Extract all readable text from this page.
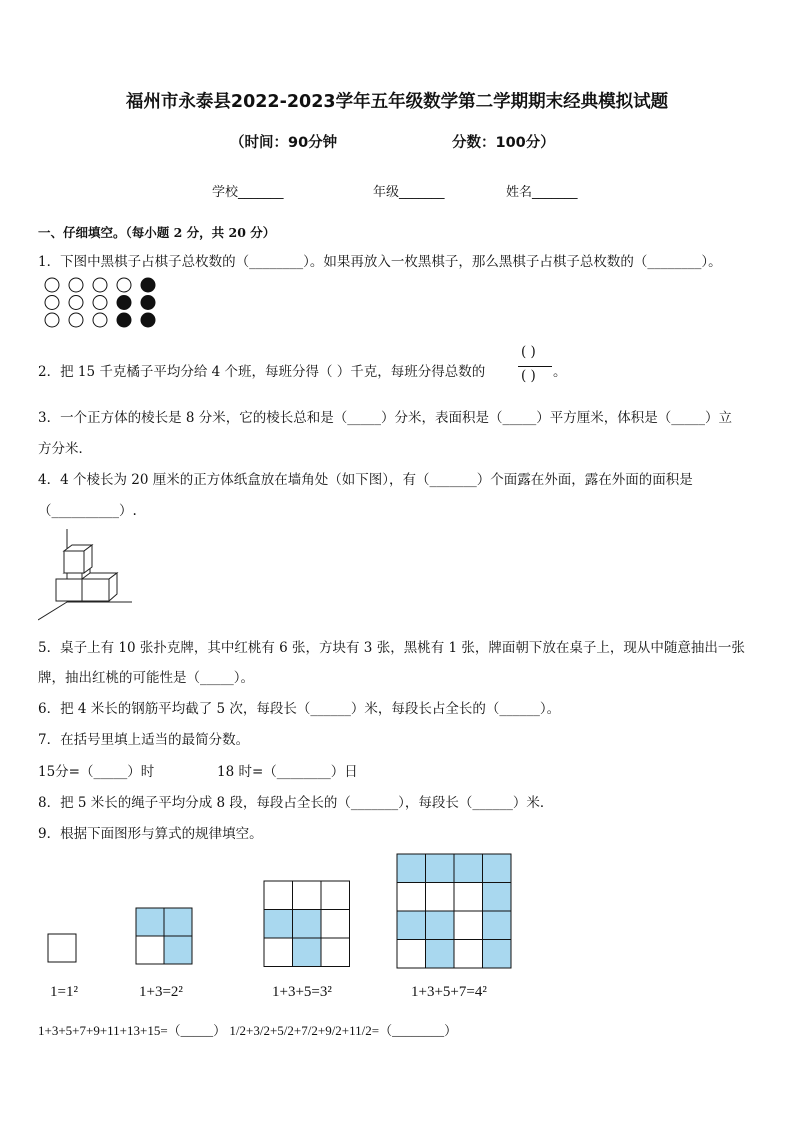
福州市永泰县2022-2023学年五年级数学第二学期期末经典模拟试题
（时间：90分钟	分数：100分）
学校_______	年级_______	姓名_______
一、仔细填空。（每小题 2 分，共 20 分）
1．下图中黑棋子占棋子总枚数的（________）。如果再放入一枚黑棋子，那么黑棋子占棋子总枚数的（________）。
2．把 15 千克橘子平均分给 4 个班，每班分得（ ）千克，每班分得总数的
( )
( ) 。
3．一个正方体的棱长是 8 分米，它的棱长总和是（_____）分米，表面积是（_____）平方厘米，体积是（_____）立
方分米．
4．4 个棱长为 20 厘米的正方体纸盒放在墙角处（如下图），有（_______）个面露在外面，露在外面的面积是
（__________）.
5．桌子上有 10 张扑克牌，其中红桃有 6 张，方块有 3 张，黑桃有 1 张，牌面朝下放在桌子上，现从中随意抽出一张
牌，抽出红桃的可能性是（_____）。
6．把 4 米长的钢筋平均截了 5 次，每段长（______）米，每段长占全长的（______）。
7．在括号里填上适当的最简分数。
15分=（_____）时	18 时=（________）日
8．把 5 米长的绳子平均分成 8 段，每段占全长的（_______），每段长（______）米．
9．根据下面图形与算式的规律填空。
1=1²	1+3=2²	1+3+5=3²	1+3+5+7=4²
1+3+5+7+9+11+13+15=（_____） 1/2+3/2+5/2+7/2+9/2+11/2=（________）
